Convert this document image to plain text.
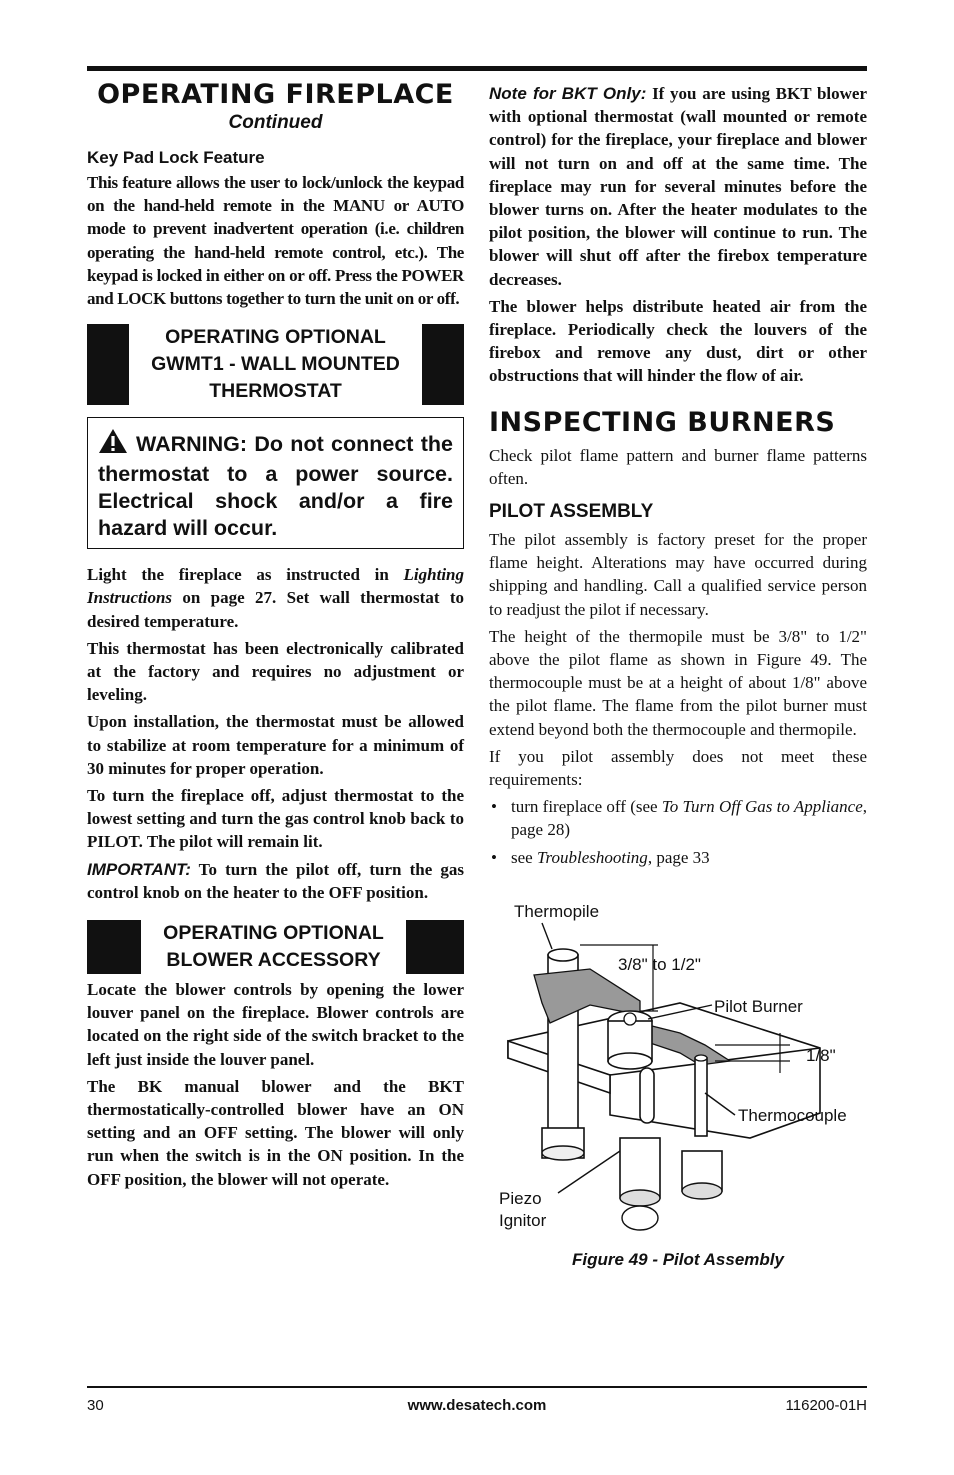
OPERATING FIREPLACE
Continued
Key Pad Lock Feature

This feature allows the user to lock/unlock the keypad on the hand-held remote in the MANU or AUTO mode to prevent inadvertent operation (i.e. children operating the hand-held remote control, etc.). The keypad is locked in either on or off. Press the POWER and LOCK buttons together to turn the unit on or off.

OPERATING OPTIONAL
GWMT1 - WALL MOUNTED
THERMOSTAT
WARNING: Do not connect the thermostat to a power source. Electrical shock and/or a fire hazard will occur.

Light the fireplace as instructed in Lighting Instructions on page 27. Set wall thermostat to desired temperature.

This thermostat has been electronically calibrated at the factory and requires no adjustment or leveling.

Upon installation, the thermostat must be allowed to stabilize at room temperature for a minimum of 30 minutes for proper operation.

To turn the fireplace off, adjust thermostat to the lowest setting and turn the gas control knob back to PILOT. The pilot will remain lit.

IMPORTANT: To turn the pilot off, turn the gas control knob on the heater to the OFF position.

OPERATING OPTIONAL
BLOWER ACCESSORY

Locate the blower controls by opening the lower louver panel on the fireplace. Blower controls are located on the right side of the switch bracket to the left just inside the louver panel.

The BK manual blower and the BKT thermostatically-controlled blower have an ON setting and an OFF setting. The blower will only run when the switch is in the ON position. In the OFF position, the blower will not operate.

Note for BKT Only: If you are using BKT blower with optional thermostat (wall mounted or remote control) for the fireplace, your fireplace and blower will not turn on and off at the same time. The fireplace may run for several minutes before the blower turns on. After the heater modulates to the pilot position, the blower will continue to run. The blower will shut off after the firebox temperature decreases.

The blower helps distribute heated air from the fireplace. Periodically check the louvers of the firebox and remove any dust, dirt or other obstructions that will hinder the flow of air.

INSPECTING BURNERS

Check pilot flame pattern and burner flame patterns often.

PILOT ASSEMBLY

The pilot assembly is factory preset for the proper flame height. Alterations may have occurred during shipping and handling. Call a qualified service person to readjust the pilot if necessary.

The height of the thermopile must be 3/8" to 1/2" above the pilot flame as shown in Figure 49. The thermocouple must be at a height of about 1/8" above the pilot flame. The flame from the pilot burner must extend beyond both the thermocouple and thermopile.

If you pilot assembly does not meet these requirements:

• turn fireplace off (see To Turn Off Gas to Appliance, page 28)
• see Troubleshooting, page 33
Thermopile
3/8" to 1/2"
Pilot Burner
1/8"
Thermocouple
Piezo
Ignitor
Figure 49 - Pilot Assembly
30	www.desatech.com	116200-01H
